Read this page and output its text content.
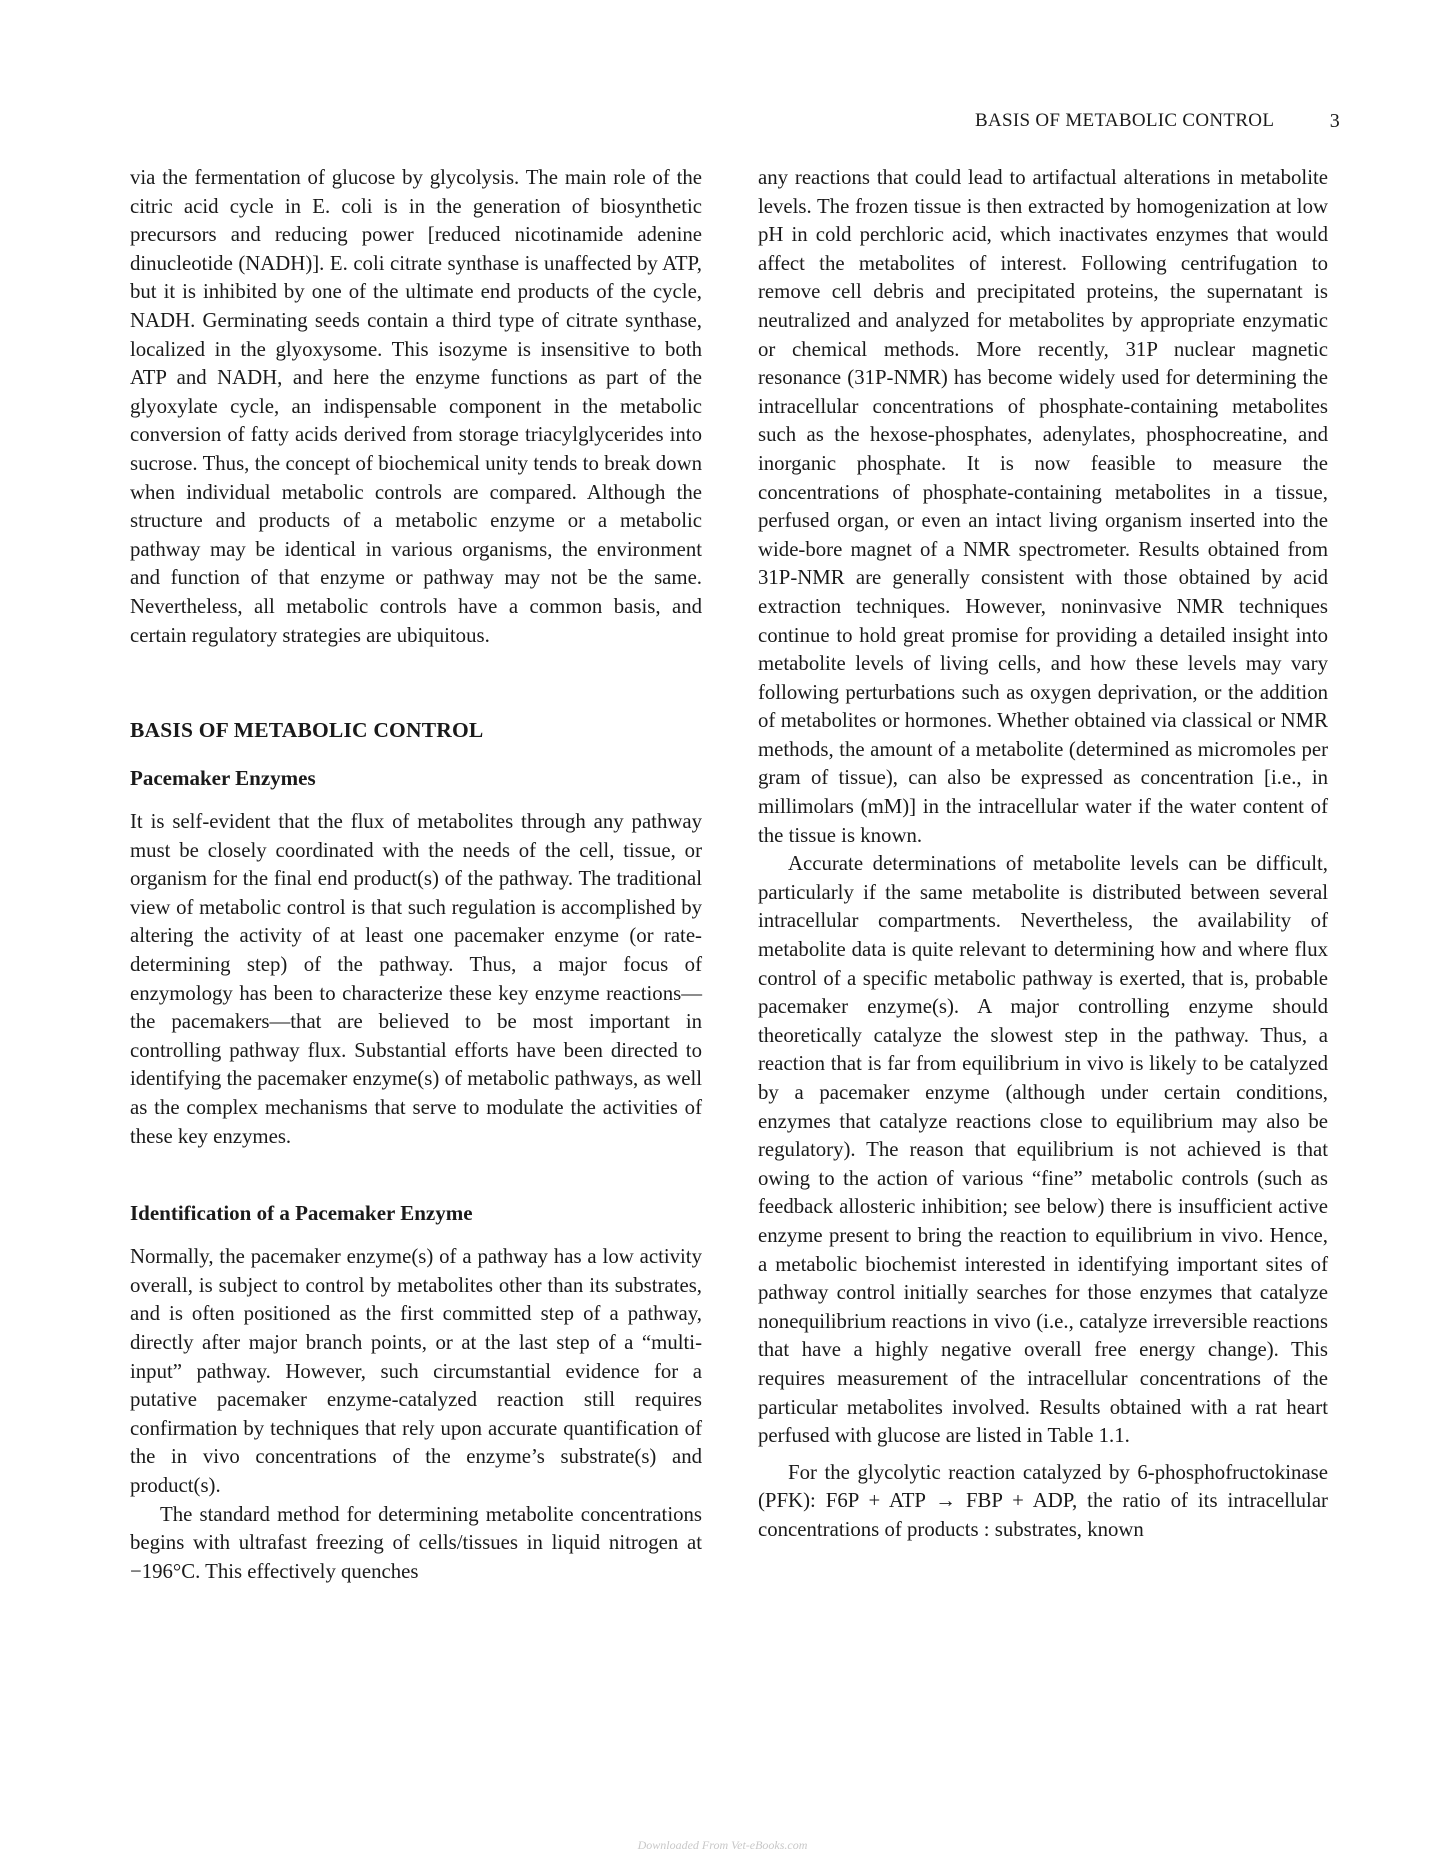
BASIS OF METABOLIC CONTROL	3

via the fermentation of glucose by glycolysis. The main role of the citric acid cycle in E. coli is in the generation of biosynthetic precursors and reducing power [reduced nicotinamide adenine dinucleotide (NADH)]. E. coli citrate synthase is unaffected by ATP, but it is inhibited by one of the ultimate end products of the cycle, NADH. Germinating seeds contain a third type of citrate synthase, localized in the glyoxysome. This isozyme is insensitive to both ATP and NADH, and here the enzyme functions as part of the glyoxylate cycle, an indispensable component in the metabolic conversion of fatty acids derived from storage triacylglycerides into sucrose. Thus, the concept of biochemical unity tends to break down when individual metabolic controls are compared. Although the structure and products of a metabolic enzyme or a metabolic pathway may be identical in various organisms, the environment and function of that enzyme or pathway may not be the same. Nevertheless, all metabolic controls have a common basis, and certain regulatory strategies are ubiquitous.

BASIS OF METABOLIC CONTROL
Pacemaker Enzymes

It is self-evident that the flux of metabolites through any pathway must be closely coordinated with the needs of the cell, tissue, or organism for the final end product(s) of the pathway. The traditional view of metabolic control is that such regulation is accomplished by altering the activity of at least one pacemaker enzyme (or rate-determining step) of the pathway. Thus, a major focus of enzymology has been to characterize these key enzyme reactions—the pacemakers—that are believed to be most important in controlling pathway flux. Substantial efforts have been directed to identifying the pacemaker enzyme(s) of metabolic pathways, as well as the complex mechanisms that serve to modulate the activities of these key enzymes.

Identification of a Pacemaker Enzyme

Normally, the pacemaker enzyme(s) of a pathway has a low activity overall, is subject to control by metabolites other than its substrates, and is often positioned as the first committed step of a pathway, directly after major branch points, or at the last step of a “multi-input” pathway. However, such circumstantial evidence for a putative pacemaker enzyme-catalyzed reaction still requires confirmation by techniques that rely upon accurate quantification of the in vivo concentrations of the enzyme’s substrate(s) and product(s).

The standard method for determining metabolite concentrations begins with ultrafast freezing of cells/tissues in liquid nitrogen at −196°C. This effectively quenches

any reactions that could lead to artifactual alterations in metabolite levels. The frozen tissue is then extracted by homogenization at low pH in cold perchloric acid, which inactivates enzymes that would affect the metabolites of interest. Following centrifugation to remove cell debris and precipitated proteins, the supernatant is neutralized and analyzed for metabolites by appropriate enzymatic or chemical methods. More recently, 31P nuclear magnetic resonance (31P-NMR) has become widely used for determining the intracellular concentrations of phosphate-containing metabolites such as the hexose-phosphates, adenylates, phosphocreatine, and inorganic phosphate. It is now feasible to measure the concentrations of phosphate-containing metabolites in a tissue, perfused organ, or even an intact living organism inserted into the wide-bore magnet of a NMR spectrometer. Results obtained from 31P-NMR are generally consistent with those obtained by acid extraction techniques. However, noninvasive NMR techniques continue to hold great promise for providing a detailed insight into metabolite levels of living cells, and how these levels may vary following perturbations such as oxygen deprivation, or the addition of metabolites or hormones. Whether obtained via classical or NMR methods, the amount of a metabolite (determined as micromoles per gram of tissue), can also be expressed as concentration [i.e., in millimolars (mM)] in the intracellular water if the water content of the tissue is known.

Accurate determinations of metabolite levels can be difficult, particularly if the same metabolite is distributed between several intracellular compartments. Nevertheless, the availability of metabolite data is quite relevant to determining how and where flux control of a specific metabolic pathway is exerted, that is, probable pacemaker enzyme(s). A major controlling enzyme should theoretically catalyze the slowest step in the pathway. Thus, a reaction that is far from equilibrium in vivo is likely to be catalyzed by a pacemaker enzyme (although under certain conditions, enzymes that catalyze reactions close to equilibrium may also be regulatory). The reason that equilibrium is not achieved is that owing to the action of various “fine” metabolic controls (such as feedback allosteric inhibition; see below) there is insufficient active enzyme present to bring the reaction to equilibrium in vivo. Hence, a metabolic biochemist interested in identifying important sites of pathway control initially searches for those enzymes that catalyze nonequilibrium reactions in vivo (i.e., catalyze irreversible reactions that have a highly negative overall free energy change). This requires measurement of the intracellular concentrations of the particular metabolites involved. Results obtained with a rat heart perfused with glucose are listed in Table 1.1.

For the glycolytic reaction catalyzed by 6-phosphofructokinase (PFK): F6P + ATP → FBP + ADP, the ratio of its intracellular concentrations of products : substrates, known

Downloaded From Vet-eBooks.com
